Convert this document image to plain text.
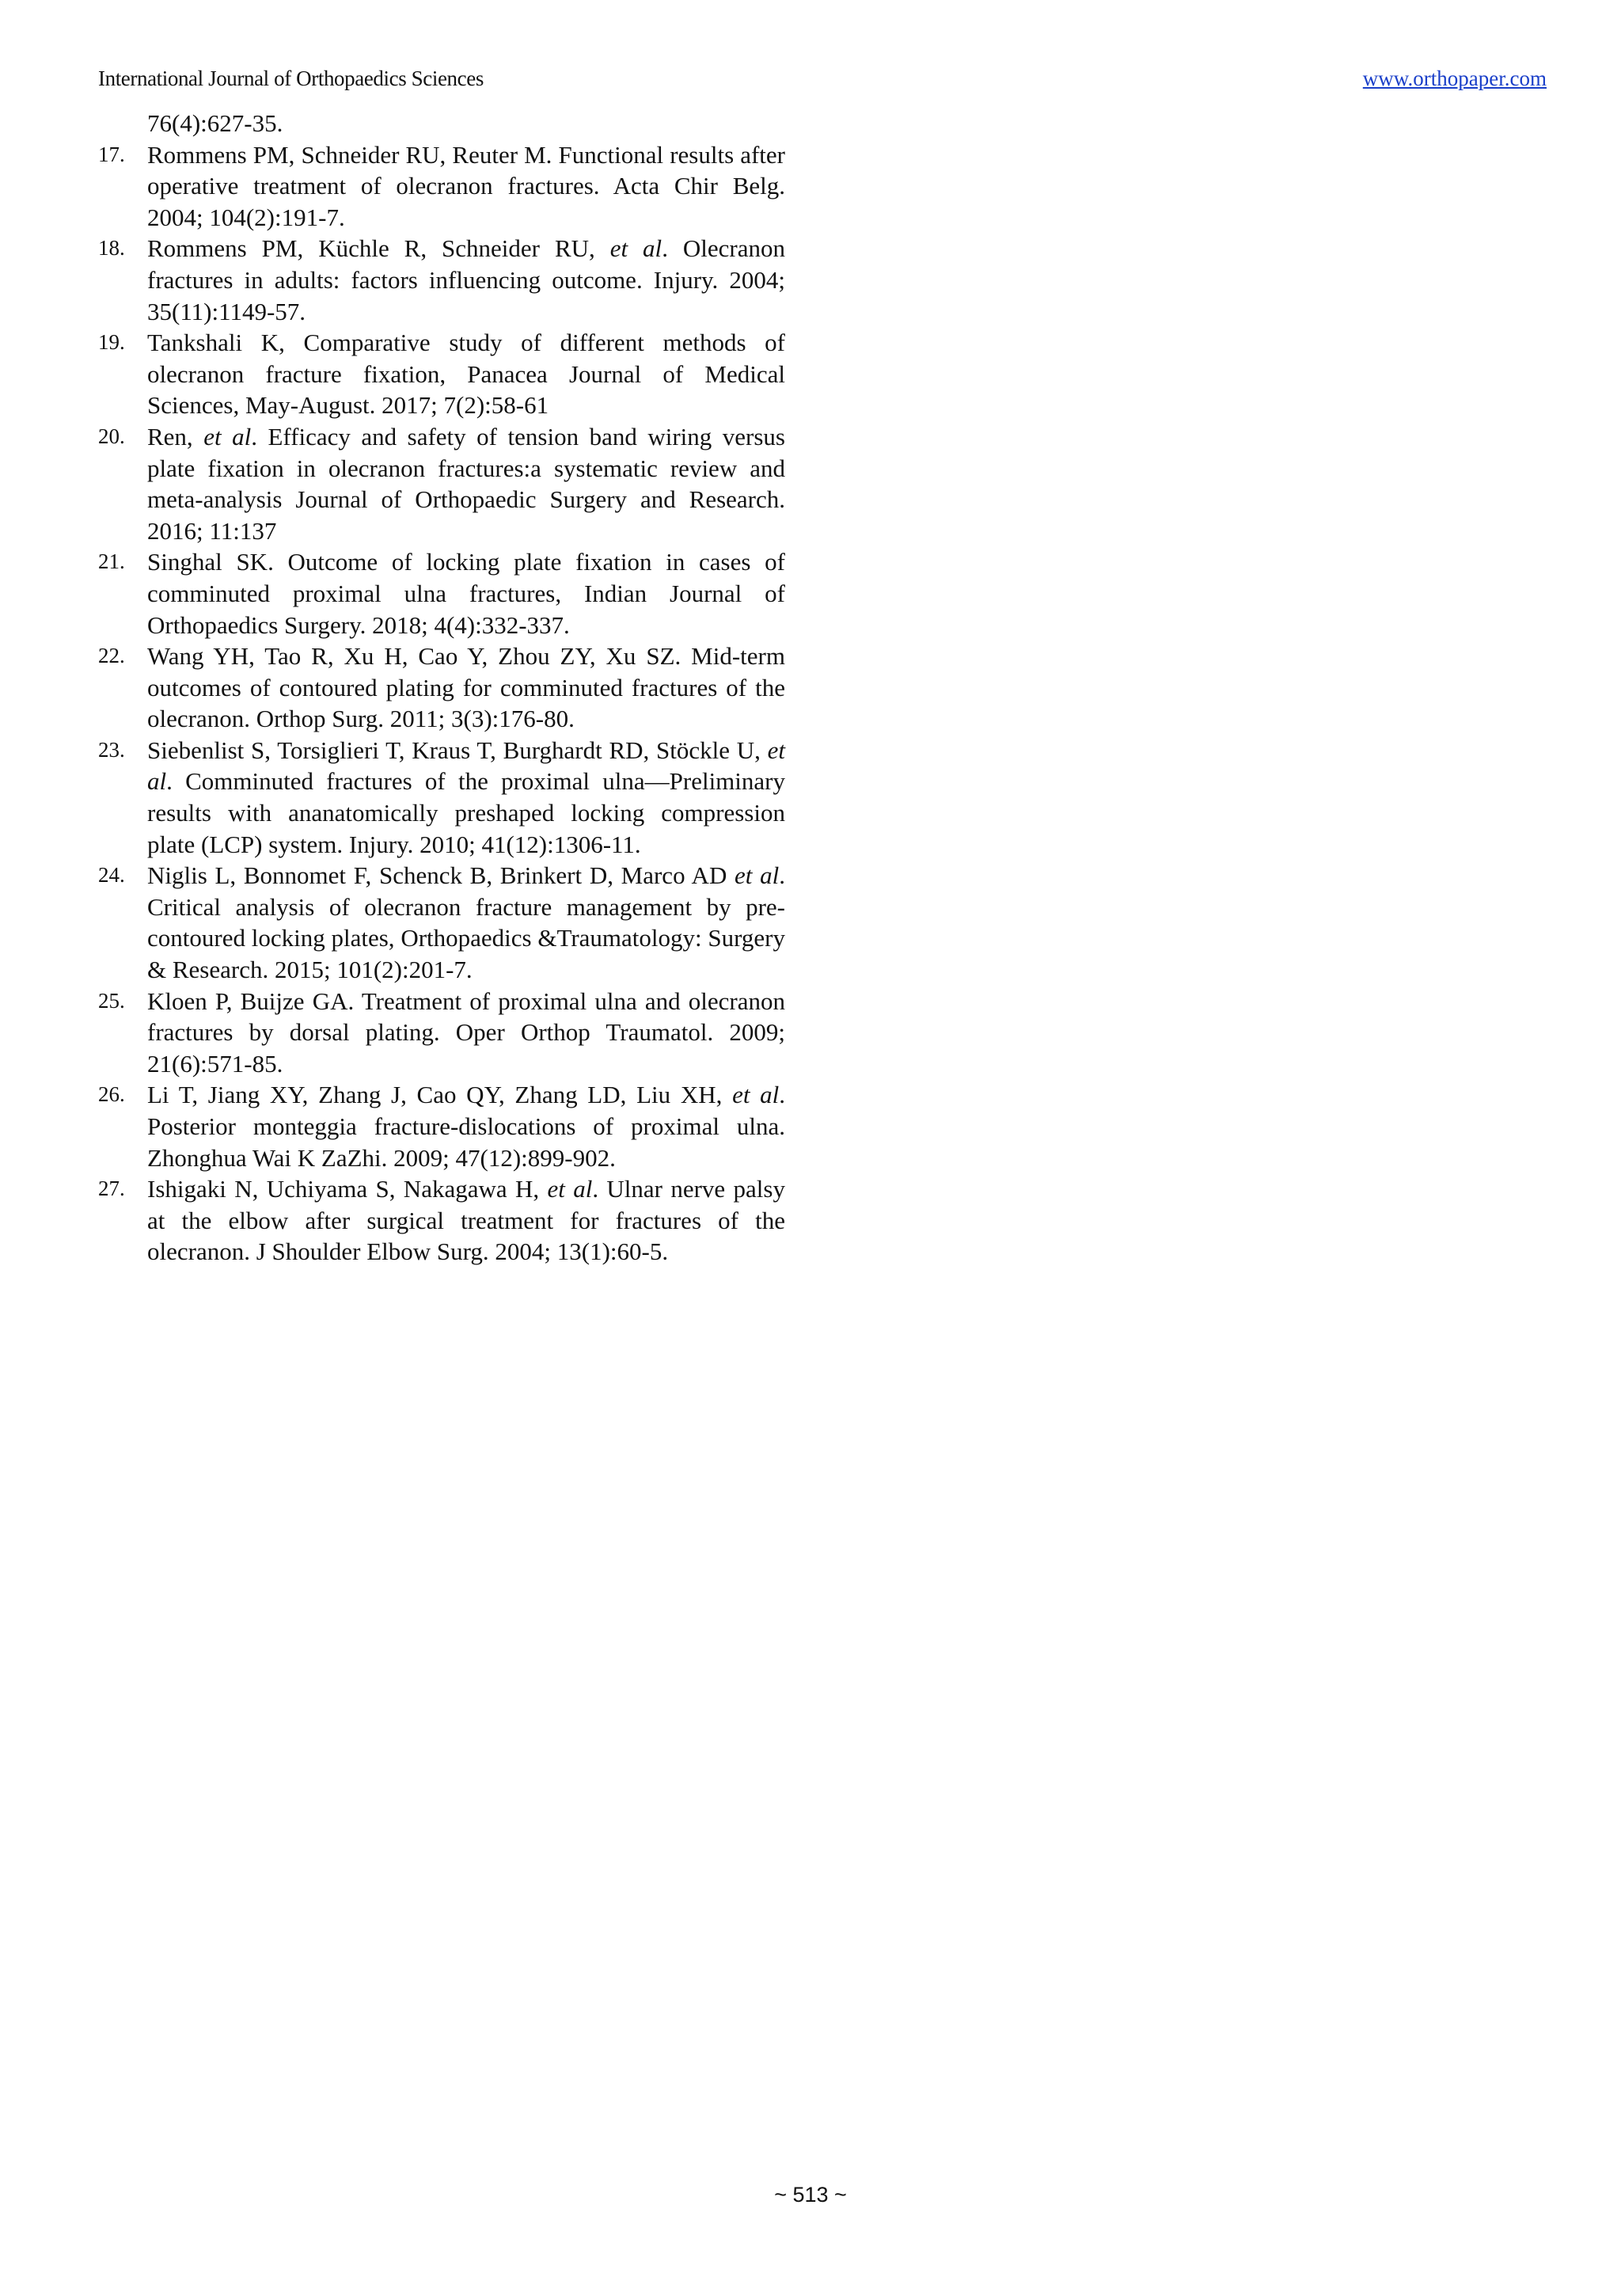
International Journal of Orthopaedics Sciences	www.orthopaper.com
76(4):627-35.
17. Rommens PM, Schneider RU, Reuter M. Functional results after operative treatment of olecranon fractures. Acta Chir Belg. 2004; 104(2):191-7.
18. Rommens PM, Küchle R, Schneider RU, et al. Olecranon fractures in adults: factors influencing outcome. Injury. 2004; 35(11):1149-57.
19. Tankshali K, Comparative study of different methods of olecranon fracture fixation, Panacea Journal of Medical Sciences, May-August. 2017; 7(2):58-61
20. Ren, et al. Efficacy and safety of tension band wiring versus plate fixation in olecranon fractures:a systematic review and meta-analysis Journal of Orthopaedic Surgery and Research. 2016; 11:137
21. Singhal SK. Outcome of locking plate fixation in cases of comminuted proximal ulna fractures, Indian Journal of Orthopaedics Surgery. 2018; 4(4):332-337.
22. Wang YH, Tao R, Xu H, Cao Y, Zhou ZY, Xu SZ. Mid-term outcomes of contoured plating for comminuted fractures of the olecranon. Orthop Surg. 2011; 3(3):176-80.
23. Siebenlist S, Torsiglieri T, Kraus T, Burghardt RD, Stöckle U, et al. Comminuted fractures of the proximal ulna—Preliminary results with ananatomically preshaped locking compression plate (LCP) system. Injury. 2010; 41(12):1306-11.
24. Niglis L, Bonnomet F, Schenck B, Brinkert D, Marco AD et al. Critical analysis of olecranon fracture management by pre-contoured locking plates, Orthopaedics &Traumatology: Surgery & Research. 2015; 101(2):201-7.
25. Kloen P, Buijze GA. Treatment of proximal ulna and olecranon fractures by dorsal plating. Oper Orthop Traumatol. 2009; 21(6):571-85.
26. Li T, Jiang XY, Zhang J, Cao QY, Zhang LD, Liu XH, et al. Posterior monteggia fracture-dislocations of proximal ulna. Zhonghua Wai K ZaZhi. 2009; 47(12):899-902.
27. Ishigaki N, Uchiyama S, Nakagawa H, et al. Ulnar nerve palsy at the elbow after surgical treatment for fractures of the olecranon. J Shoulder Elbow Surg. 2004; 13(1):60-5.
~ 513 ~
